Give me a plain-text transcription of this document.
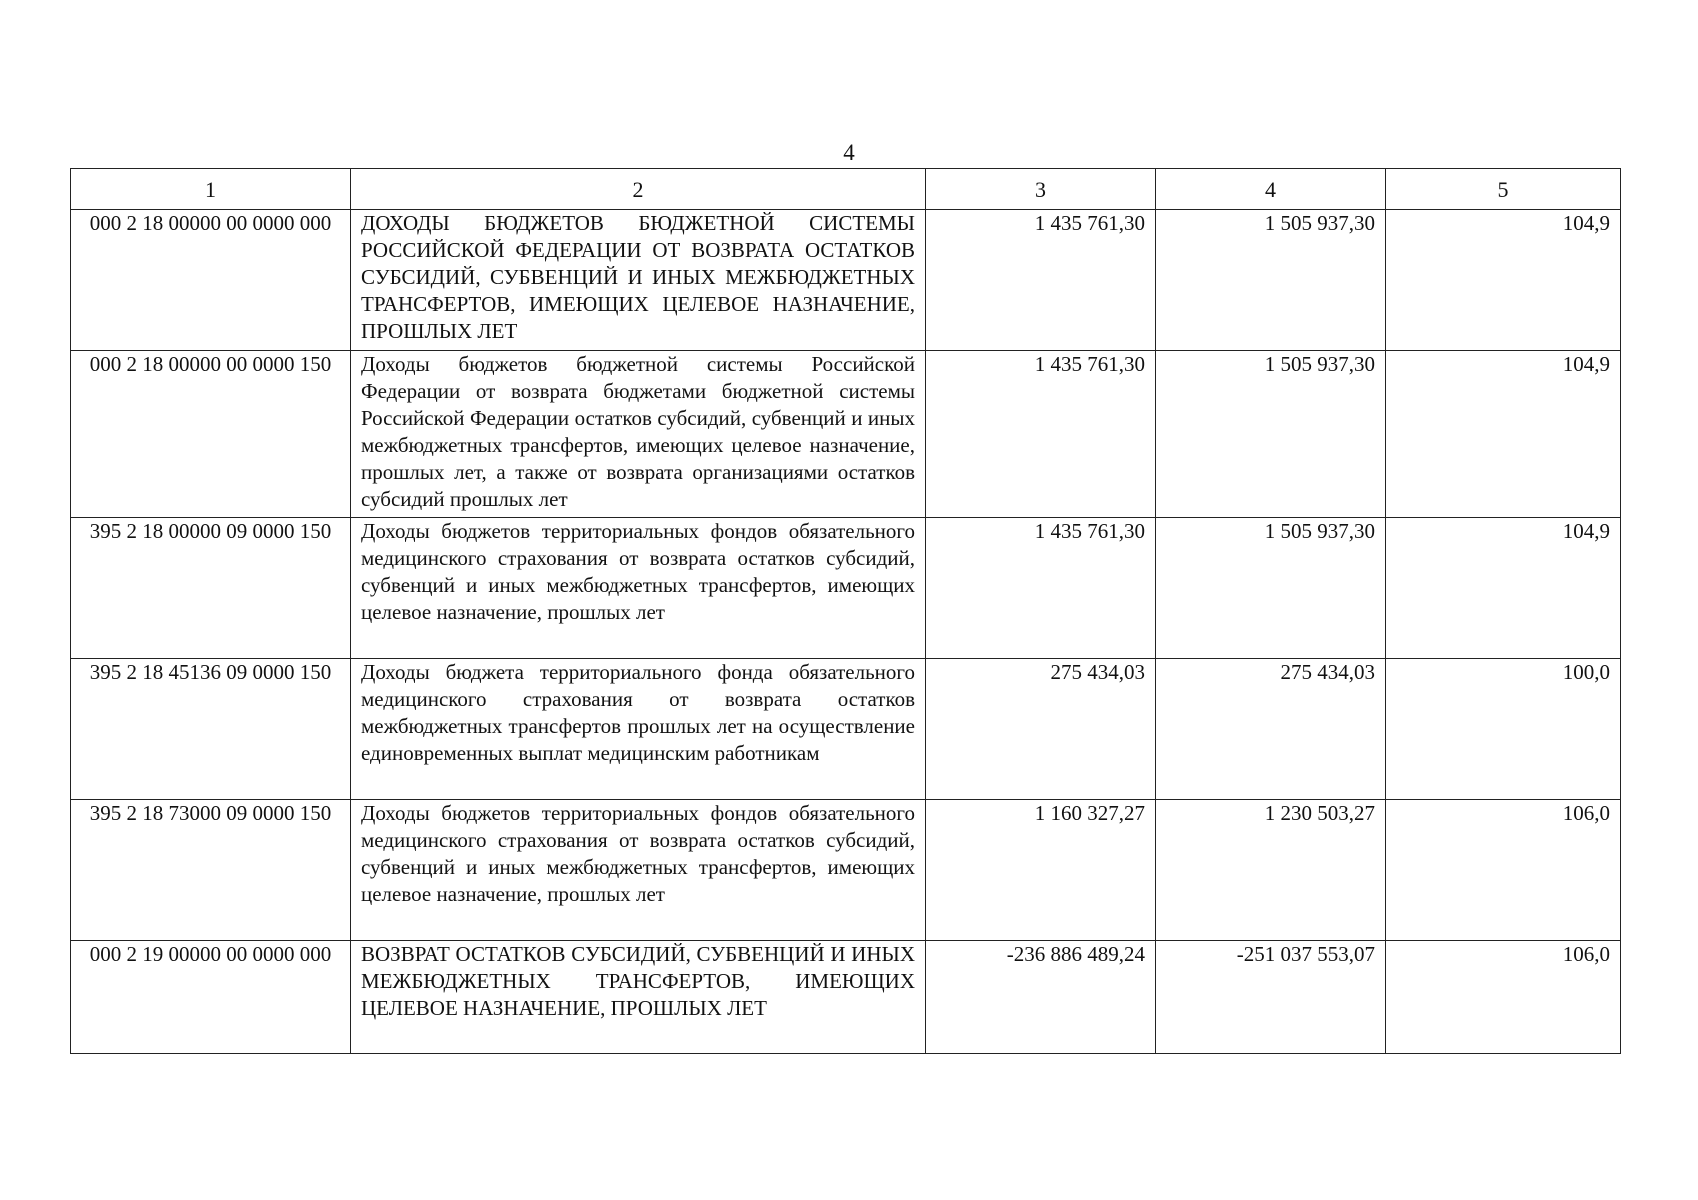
4
1	2	3	4	5
000 2 18 00000 00 0000 000	ДОХОДЫ БЮДЖЕТОВ БЮДЖЕТНОЙ СИСТЕМЫ РОССИЙСКОЙ ФЕДЕРАЦИИ ОТ ВОЗВРАТА ОСТАТКОВ СУБСИДИЙ, СУБВЕНЦИЙ И ИНЫХ МЕЖБЮДЖЕТНЫХ ТРАНСФЕРТОВ, ИМЕЮЩИХ ЦЕЛЕВОЕ НАЗНАЧЕНИЕ, ПРОШЛЫХ ЛЕТ	1 435 761,30	1 505 937,30	104,9
000 2 18 00000 00 0000 150	Доходы бюджетов бюджетной системы Российской Федерации от возврата бюджетами бюджетной системы Российской Федерации остатков субсидий, субвенций и иных межбюджетных трансфертов, имеющих целевое назначение, прошлых лет, а также от возврата организациями остатков субсидий прошлых лет	1 435 761,30	1 505 937,30	104,9
395 2 18 00000 09 0000 150	Доходы бюджетов территориальных фондов обязательного медицинского страхования от возврата остатков субсидий, субвенций и иных межбюджетных трансфертов, имеющих целевое назначение, прошлых лет	1 435 761,30	1 505 937,30	104,9
395 2 18 45136 09 0000 150	Доходы бюджета территориального фонда обязательного медицинского страхования от возврата остатков межбюджетных трансфертов прошлых лет на осуществление единовременных выплат медицинским работникам	275 434,03	275 434,03	100,0
395 2 18 73000 09 0000 150	Доходы бюджетов территориальных фондов обязательного медицинского страхования от возврата остатков субсидий, субвенций и иных межбюджетных трансфертов, имеющих целевое назначение, прошлых лет	1 160 327,27	1 230 503,27	106,0
000 2 19 00000 00 0000 000	ВОЗВРАТ ОСТАТКОВ СУБСИДИЙ, СУБВЕНЦИЙ И ИНЫХ МЕЖБЮДЖЕТНЫХ ТРАНСФЕРТОВ, ИМЕЮЩИХ ЦЕЛЕВОЕ НАЗНАЧЕНИЕ, ПРОШЛЫХ ЛЕТ	-236 886 489,24	-251 037 553,07	106,0
